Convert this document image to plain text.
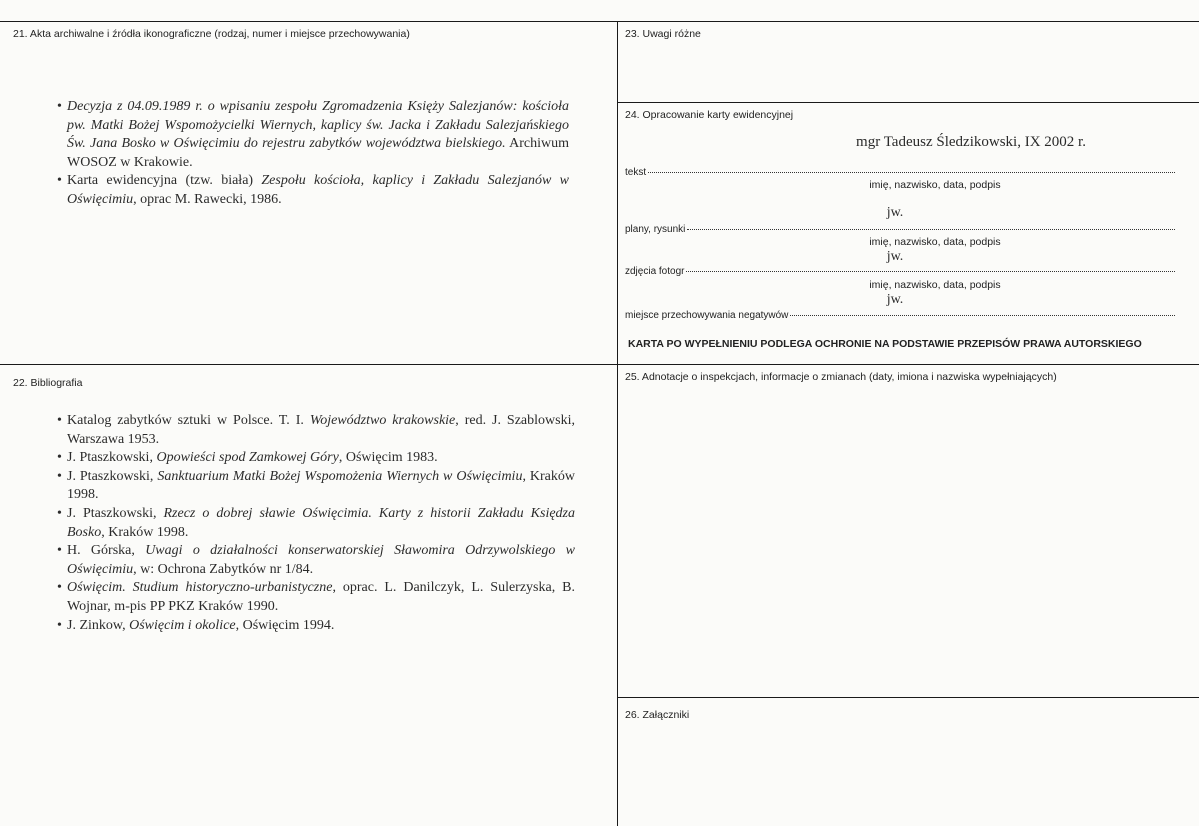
21. Akta archiwalne i źródła ikonograficzne (rodzaj, numer i miejsce przechowywania)
• Decyzja z 04.09.1989 r. o wpisaniu zespołu Zgromadzenia Księży Salezjanów: kościoła pw. Matki Bożej Wspomożycielki Wiernych, kaplicy św. Jacka i Zakładu Salezjańskiego Św. Jana Bosko w Oświęcimiu do rejestru zabytków województwa bielskiego. Archiwum WOSOZ w Krakowie.
• Karta ewidencyjna (tzw. biała) Zespołu kościoła, kaplicy i Zakładu Salezjanów w Oświęcimiu, oprac M. Rawecki, 1986.
22. Bibliografia
• Katalog zabytków sztuki w Polsce. T. I. Województwo krakowskie, red. J. Szablowski, Warszawa 1953.
• J. Ptaszkowski, Opowieści spod Zamkowej Góry, Oświęcim 1983.
• J. Ptaszkowski, Sanktuarium Matki Bożej Wspomożenia Wiernych w Oświęcimiu, Kraków 1998.
• J. Ptaszkowski, Rzecz o dobrej sławie Oświęcimia. Karty z historii Zakładu Księdza Bosko, Kraków 1998.
• H. Górska, Uwagi o działalności konserwatorskiej Sławomira Odrzywolskiego w Oświęcimiu, w: Ochrona Zabytków nr 1/84.
• Oświęcim. Studium historyczno-urbanistyczne, oprac. L. Danilczyk, L. Sulerzyska, B. Wojnar, m-pis PP PKZ Kraków 1990.
• J. Zinkow, Oświęcim i okolice, Oświęcim 1994.
23. Uwagi różne
24. Opracowanie karty ewidencyjnej
mgr Tadeusz Śledzikowski, IX 2002 r.
tekst
imię, nazwisko, data, podpis
jw.
plany, rysunki
imię, nazwisko, data, podpis
jw.
zdjęcia fotogr
imię, nazwisko, data, podpis
jw.
miejsce przechowywania negatywów
KARTA PO WYPEŁNIENIU PODLEGA OCHRONIE NA PODSTAWIE PRZEPISÓW PRAWA AUTORSKIEGO
25. Adnotacje o inspekcjach, informacje o zmianach (daty, imiona i nazwiska wypełniających)
26. Załączniki
